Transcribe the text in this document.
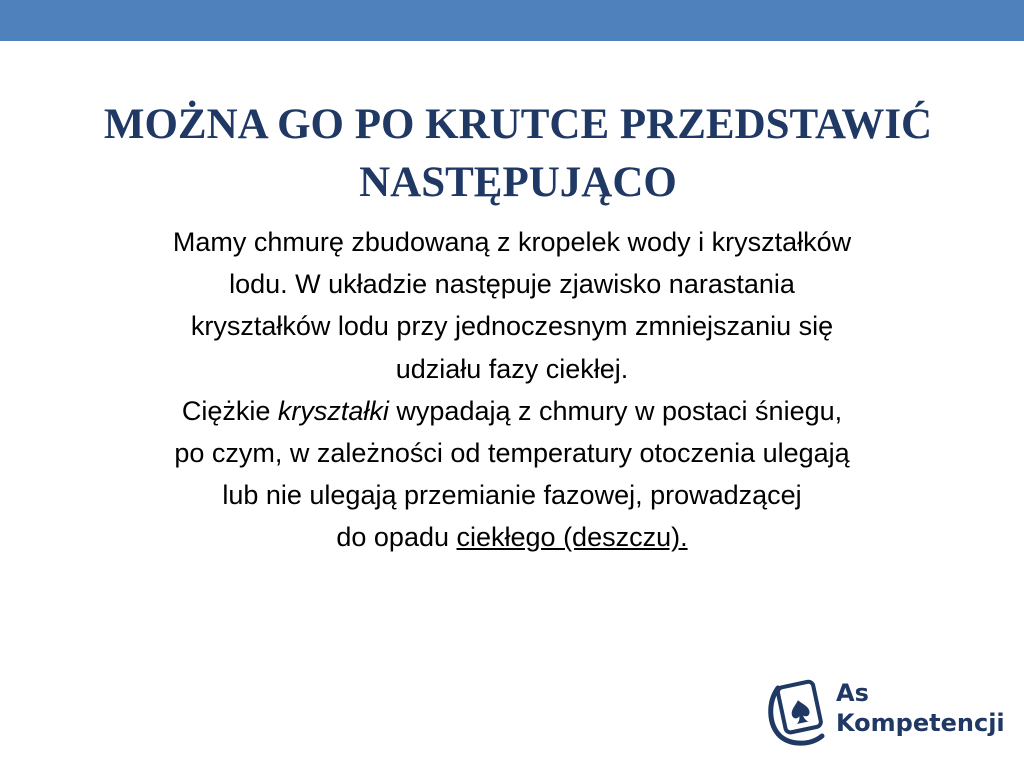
MOŻNA GO PO KRUTCE PRZEDSTAWIĆ
NASTĘPUJĄCO
Mamy chmurę zbudowaną z kropelek wody i kryształków
lodu. W układzie następuje zjawisko narastania
kryształków lodu przy jednoczesnym zmniejszaniu się
udziału fazy ciekłej.
Ciężkie kryształki wypadają z chmury w postaci śniegu,
po czym, w zależności od temperatury otoczenia ulegają
lub nie ulegają przemianie fazowej, prowadzącej
do opadu ciekłego (deszczu).
As
Kompetencji
